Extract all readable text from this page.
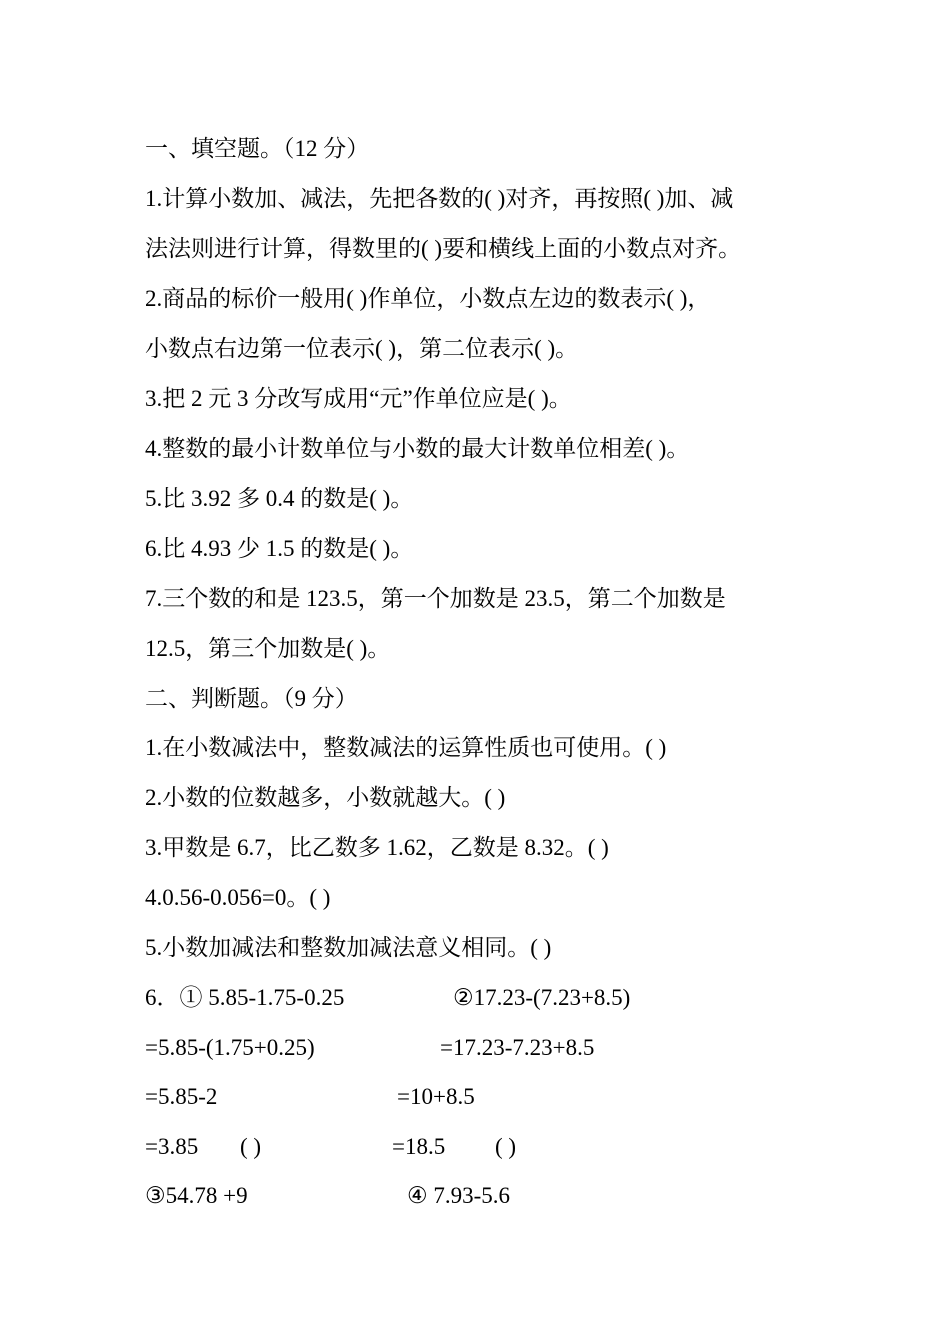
一、填空题。（12 分）
1.计算小数加、减法，先把各数的( )对齐，再按照( )加、减
法法则进行计算，得数里的( )要和横线上面的小数点对齐。
2.商品的标价一般用( )作单位，小数点左边的数表示( )，
小数点右边第一位表示( )，第二位表示( )。
3.把 2 元 3 分改写成用“元”作单位应是( )。
4.整数的最小计数单位与小数的最大计数单位相差( )。
5.比 3.92 多 0.4 的数是( )。
6.比 4.93 少 1.5 的数是( )。
7.三个数的和是 123.5，第一个加数是 23.5，第二个加数是
12.5，第三个加数是( )。
二、判断题。（9 分）
1.在小数减法中，整数减法的运算性质也可使用。( )
2.小数的位数越多，小数就越大。( )
3.甲数是 6.7，比乙数多 1.62，乙数是 8.32。( )
4.0.56-0.056=0。( )
5.小数加减法和整数加减法意义相同。( )
6．① 5.85-1.75-0.25	②17.23-(7.23+8.5)
=5.85-(1.75+0.25)	=17.23-7.23+8.5
=5.85-2	=10+8.5
=3.85 ( )	=18.5 ( )
③54.78 +9	④ 7.93-5.6
